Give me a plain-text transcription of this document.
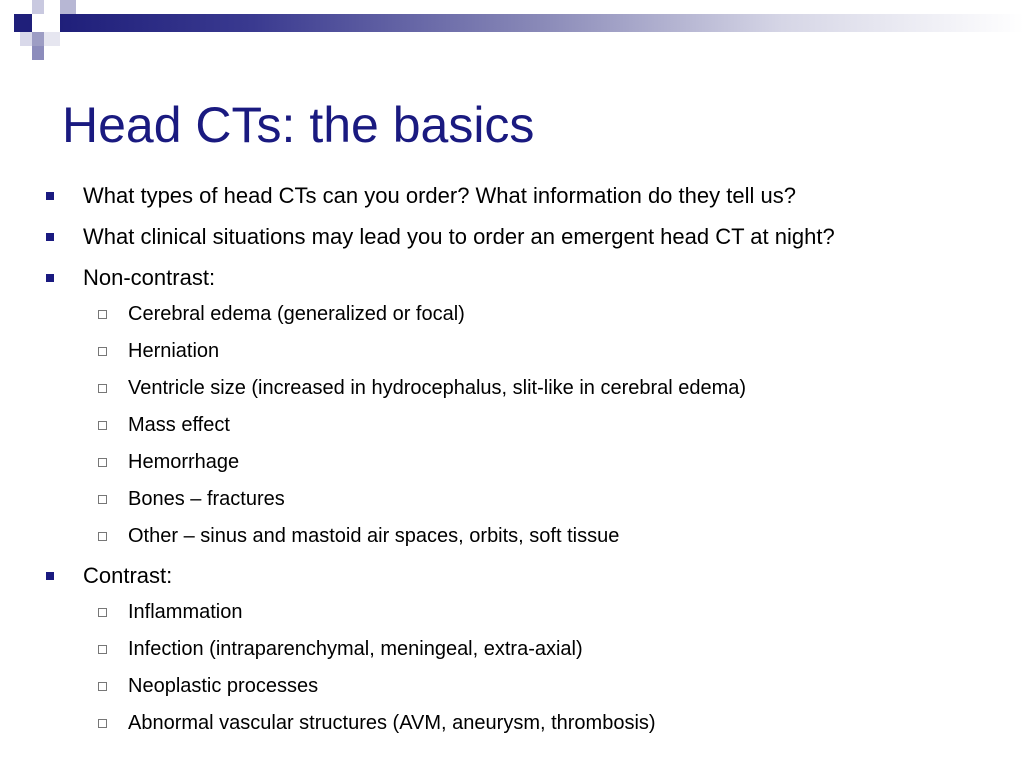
Head CTs: the basics
What types of head CTs can you order? What information do they tell us?
What clinical situations may lead you to order an emergent head CT at night?
Non-contrast:
Cerebral edema (generalized or focal)
Herniation
Ventricle size (increased in hydrocephalus, slit-like in cerebral edema)
Mass effect
Hemorrhage
Bones – fractures
Other – sinus and mastoid air spaces, orbits, soft tissue
Contrast:
Inflammation
Infection (intraparenchymal, meningeal, extra-axial)
Neoplastic processes
Abnormal vascular structures (AVM, aneurysm, thrombosis)
